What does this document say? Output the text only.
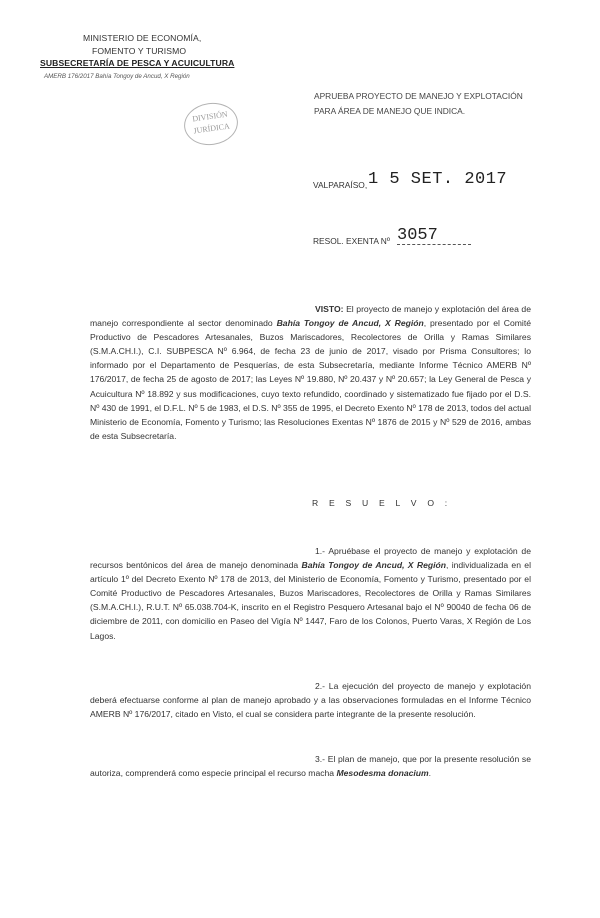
MINISTERIO DE ECONOMÍA,
FOMENTO Y TURISMO
SUBSECRETARÍA DE PESCA Y ACUICULTURA
AMERB 176/2017 Bahía Tongoy de Ancud, X Región
DIVISIÓN
JURÍDICA
APRUEBA PROYECTO DE MANEJO Y EXPLOTACIÓN PARA ÁREA DE MANEJO QUE INDICA.
VALPARAÍSO, 1 5 SET. 2017
RESOL. EXENTA Nº 3057
VISTO: El proyecto de manejo y explotación del área de manejo correspondiente al sector denominado Bahía Tongoy de Ancud, X Región, presentado por el Comité Productivo de Pescadores Artesanales, Buzos Mariscadores, Recolectores de Orilla y Ramas Similares (S.M.A.CH.I.), C.I. SUBPESCA Nº 6.964, de fecha 23 de junio de 2017, visado por Prisma Consultores; lo informado por el Departamento de Pesquerías, de esta Subsecretaría, mediante Informe Técnico AMERB Nº 176/2017, de fecha 25 de agosto de 2017; las Leyes Nº 19.880, Nº 20.437 y Nº 20.657; la Ley General de Pesca y Acuicultura Nº 18.892 y sus modificaciones, cuyo texto refundido, coordinado y sistematizado fue fijado por el D.S. Nº 430 de 1991, el D.F.L. Nº 5 de 1983, el D.S. Nº 355 de 1995, el Decreto Exento Nº 178 de 2013, todos del actual Ministerio de Economía, Fomento y Turismo; las Resoluciones Exentas Nº 1876 de 2015 y Nº 529 de 2016, ambas de esta Subsecretaría.
R E S U E L V O :
1.- Apruébase el proyecto de manejo y explotación de recursos bentónicos del área de manejo denominada Bahía Tongoy de Ancud, X Región, individualizada en el artículo 1º del Decreto Exento Nº 178 de 2013, del Ministerio de Economía, Fomento y Turismo, presentado por el Comité Productivo de Pescadores Artesanales, Buzos Mariscadores, Recolectores de Orilla y Ramas Similares (S.M.A.CH.I.), R.U.T. Nº 65.038.704-K, inscrito en el Registro Pesquero Artesanal bajo el Nº 90040 de fecha 06 de diciembre de 2011, con domicilio en Paseo del Vigía Nº 1447, Faro de los Colonos, Puerto Varas, X Región de Los Lagos.
2.- La ejecución del proyecto de manejo y explotación deberá efectuarse conforme al plan de manejo aprobado y a las observaciones formuladas en el Informe Técnico AMERB Nº 176/2017, citado en Visto, el cual se considera parte integrante de la presente resolución.
3.- El plan de manejo, que por la presente resolución se autoriza, comprenderá como especie principal el recurso macha Mesodesma donacium.
